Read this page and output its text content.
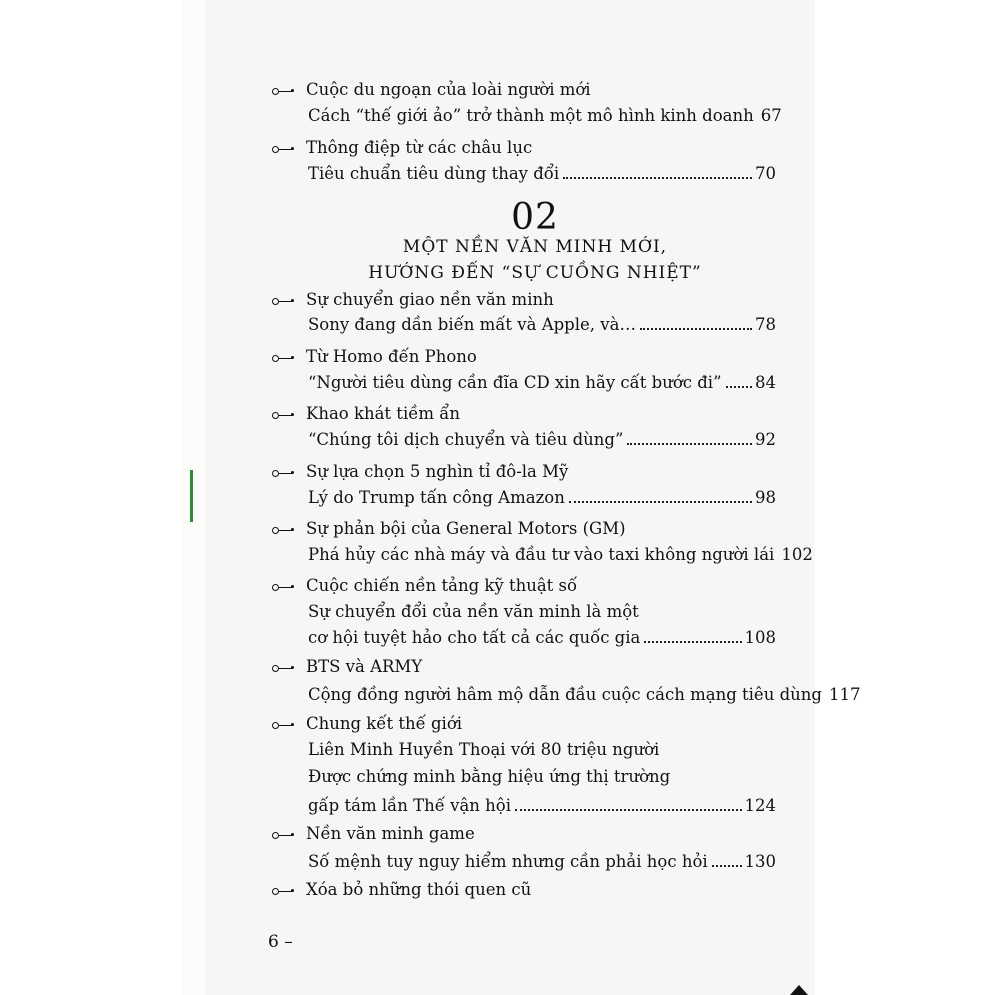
Cuộc du ngoạn của loài người mới
Cách “thế giới ảo” trở thành một mô hình kinh doanh 67
Thông điệp từ các châu lục
Tiêu chuẩn tiêu dùng thay đổi	70
02
MỘT NỀN VĂN MINH MỚI,
HƯỚNG ĐẾN “SỰ CUỒNG NHIỆT”
Sự chuyển giao nền văn minh
Sony đang dần biến mất và Apple, và…	78
Từ Homo đến Phono
“Người tiêu dùng cần đĩa CD xin hãy cất bước đi” 84
Khao khát tiềm ẩn
“Chúng tôi dịch chuyển và tiêu dùng”	92
Sự lựa chọn 5 nghìn tỉ đô-la Mỹ
Lý do Trump tấn công Amazon	98
Sự phản bội của General Motors (GM)
Phá hủy các nhà máy và đầu tư vào taxi không người lái 102
Cuộc chiến nền tảng kỹ thuật số
Sự chuyển đổi của nền văn minh là một
cơ hội tuyệt hảo cho tất cả các quốc gia	108
BTS và ARMY
Cộng đồng người hâm mộ dẫn đầu cuộc cách mạng tiêu dùng 117
Chung kết thế giới
Liên Minh Huyền Thoại với 80 triệu người
Được chứng minh bằng hiệu ứng thị trường
gấp tám lần Thế vận hội	124
Nền văn minh game
Số mệnh tuy nguy hiểm nhưng cần phải học hỏi 130
Xóa bỏ những thói quen cũ
6 –
